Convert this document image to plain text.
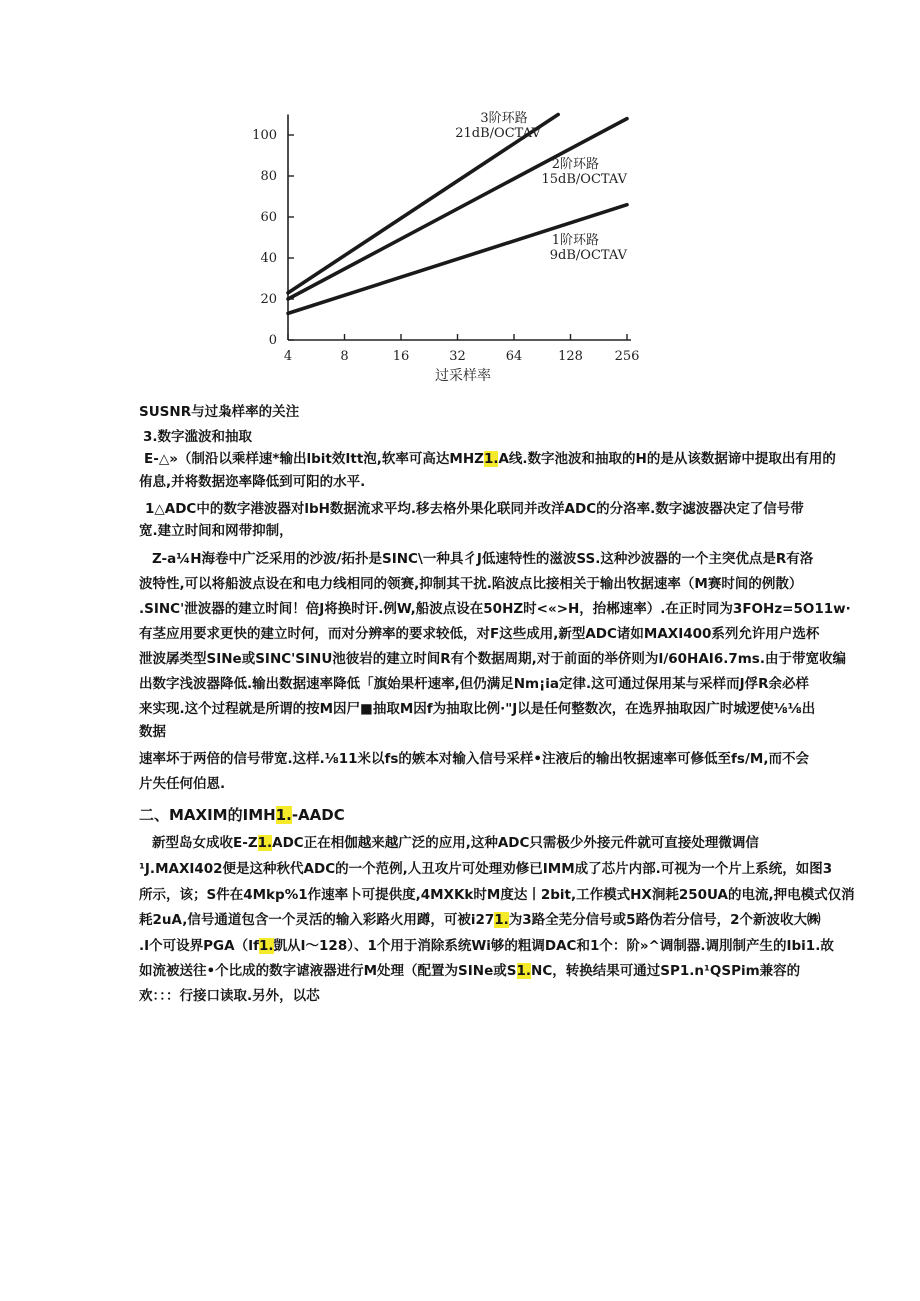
4	8	16	32	64	128 256
0
20
40
60
80
100
3阶环路
21dB/OCTAV
2阶环路
15dB/OCTAV
1阶环路
9dB/OCTAV
过采样率
SUSNR与过枭样率的关注
3.数字滥波和抽取
E-△»（制沿以乘样速*输出lbit效Itt泡,软率可高达MHZ1.A线.数字池波和抽取的H的是从该数据谛中提取出有用的
侑息,并将数据迩率降低到可阳的水平.
1△ADC中的数字港波器对lbH数据流求平均.移去格外果化联同并改洋ADC的分洛率.数字滤波器决定了信号带
宽.建立时间和网带抑制，
Z-a¼H海卷中广泛采用的沙波/拓扑是SINC\一种具彳J低速特性的滋波SS.这种沙波器的一个主突优点是R有洛
波特性,可以将船波点设在和电力线相同的领赛,抑制其干扰.陷波点比接相关于输出牧据速率（M赛时间的例散）
.SINC'泄波器的建立时间！倍J将换时讦.例W,船波点设在50HZ时<«>H，抬郴速率）.在正时同为3FOHz=5O11w·
有茎应用要求更快的建立时何，而对分辨率的要求较低，对F这些成用,新型ADC诸如MAXI400系列允许用户选杯
泄波孱类型SINe或SINC'SINU池彼岩的建立时间R有个数据周期,对于前面的举侪则为I/60HAI6.7ms.由于带宽收编
出数字浅波器降低.输出数据速率降低「旗始果杆速率,但仍满足Nm¡ia定律.这可通过保用某与采样而J俘R余必样
来实现.这个过程就是所谓的按M因尸■抽取M因f为抽取比例·"J以是任何整数次，在选界抽取因广时城逻使⅛⅛出
数据
速率坏于两倍的信号带宽.这样.⅛11米以fs的嫉本对输入信号采样•注液后的输出牧据速率可修低至fs/M,而不会
片失任何伯恩.
二、MAXIM的IMH1.-AADC
新型岛女成收E-Z1.ADC正在相伽越来越广泛的应用,这种ADC只需极少外接元件就可直接处理微调信
¹J.MAXI402便是这种秋代ADC的一个范例,人丑攻片可处理劝修已IMM成了芯片内部.可视为一个片上系统，如图3
所示，该；S件在4Mkp%1作速率卜可提供度,4MXKk时M度达丨2bit,工作模式HX涧耗250UA的电流,押电模式仅消
耗2uA,信号通道包含一个灵活的输入彩路火用蹲，可被i271.为3路全芜分信号或5路伪若分信号，2个新波收大㈱
.I个可设界PGA（If1.凱从I〜128）、1个用于消除系统Wi够的粗调DAC和1个：阶»^调制器.调刖制产生的Ibi1.故
如流被送往•个比成的数字谑液器进行M处理（配置为SINe或S1.NC，转换结果可通过SP1.n¹QSPim兼容的
欢：：：行接口读取.另外，以芯
